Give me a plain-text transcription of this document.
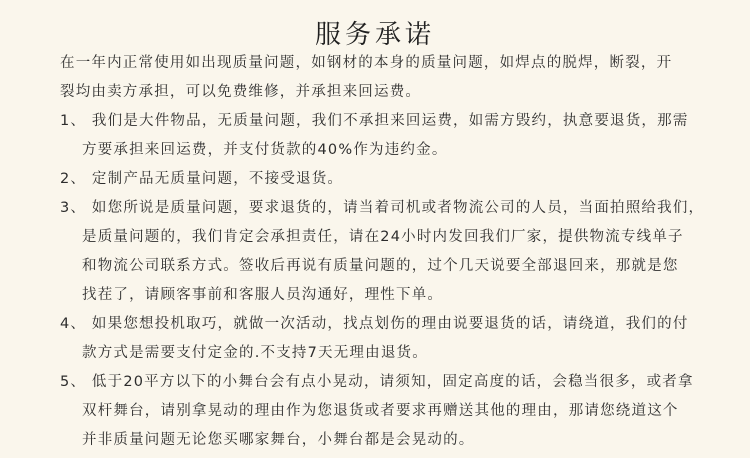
服务承诺
在一年内正常使用如出现质量问题，如钢材的本身的质量问题，如焊点的脱焊，断裂，开
裂均由卖方承担，可以免费维修，并承担来回运费。
1、 我们是大件物品，无质量问题，我们不承担来回运费，如需方毁约，执意要退货，那需
方要承担来回运费，并支付货款的40%作为违约金。
2、 定制产品无质量问题，不接受退货。
3、 如您所说是质量问题，要求退货的，请当着司机或者物流公司的人员，当面拍照给我们，
是质量问题的，我们肯定会承担责任，请在24小时内发回我们厂家，提供物流专线单子
和物流公司联系方式。签收后再说有质量问题的，过个几天说要全部退回来，那就是您
找茬了，请顾客事前和客服人员沟通好，理性下单。
4、 如果您想投机取巧，就做一次活动，找点划伤的理由说要退货的话，请绕道，我们的付
款方式是需要支付定金的.不支持7天无理由退货。
5、 低于20平方以下的小舞台会有点小晃动，请须知，固定高度的话，会稳当很多，或者拿
双杆舞台，请别拿晃动的理由作为您退货或者要求再赠送其他的理由，那请您绕道这个
并非质量问题无论您买哪家舞台，小舞台都是会晃动的。
